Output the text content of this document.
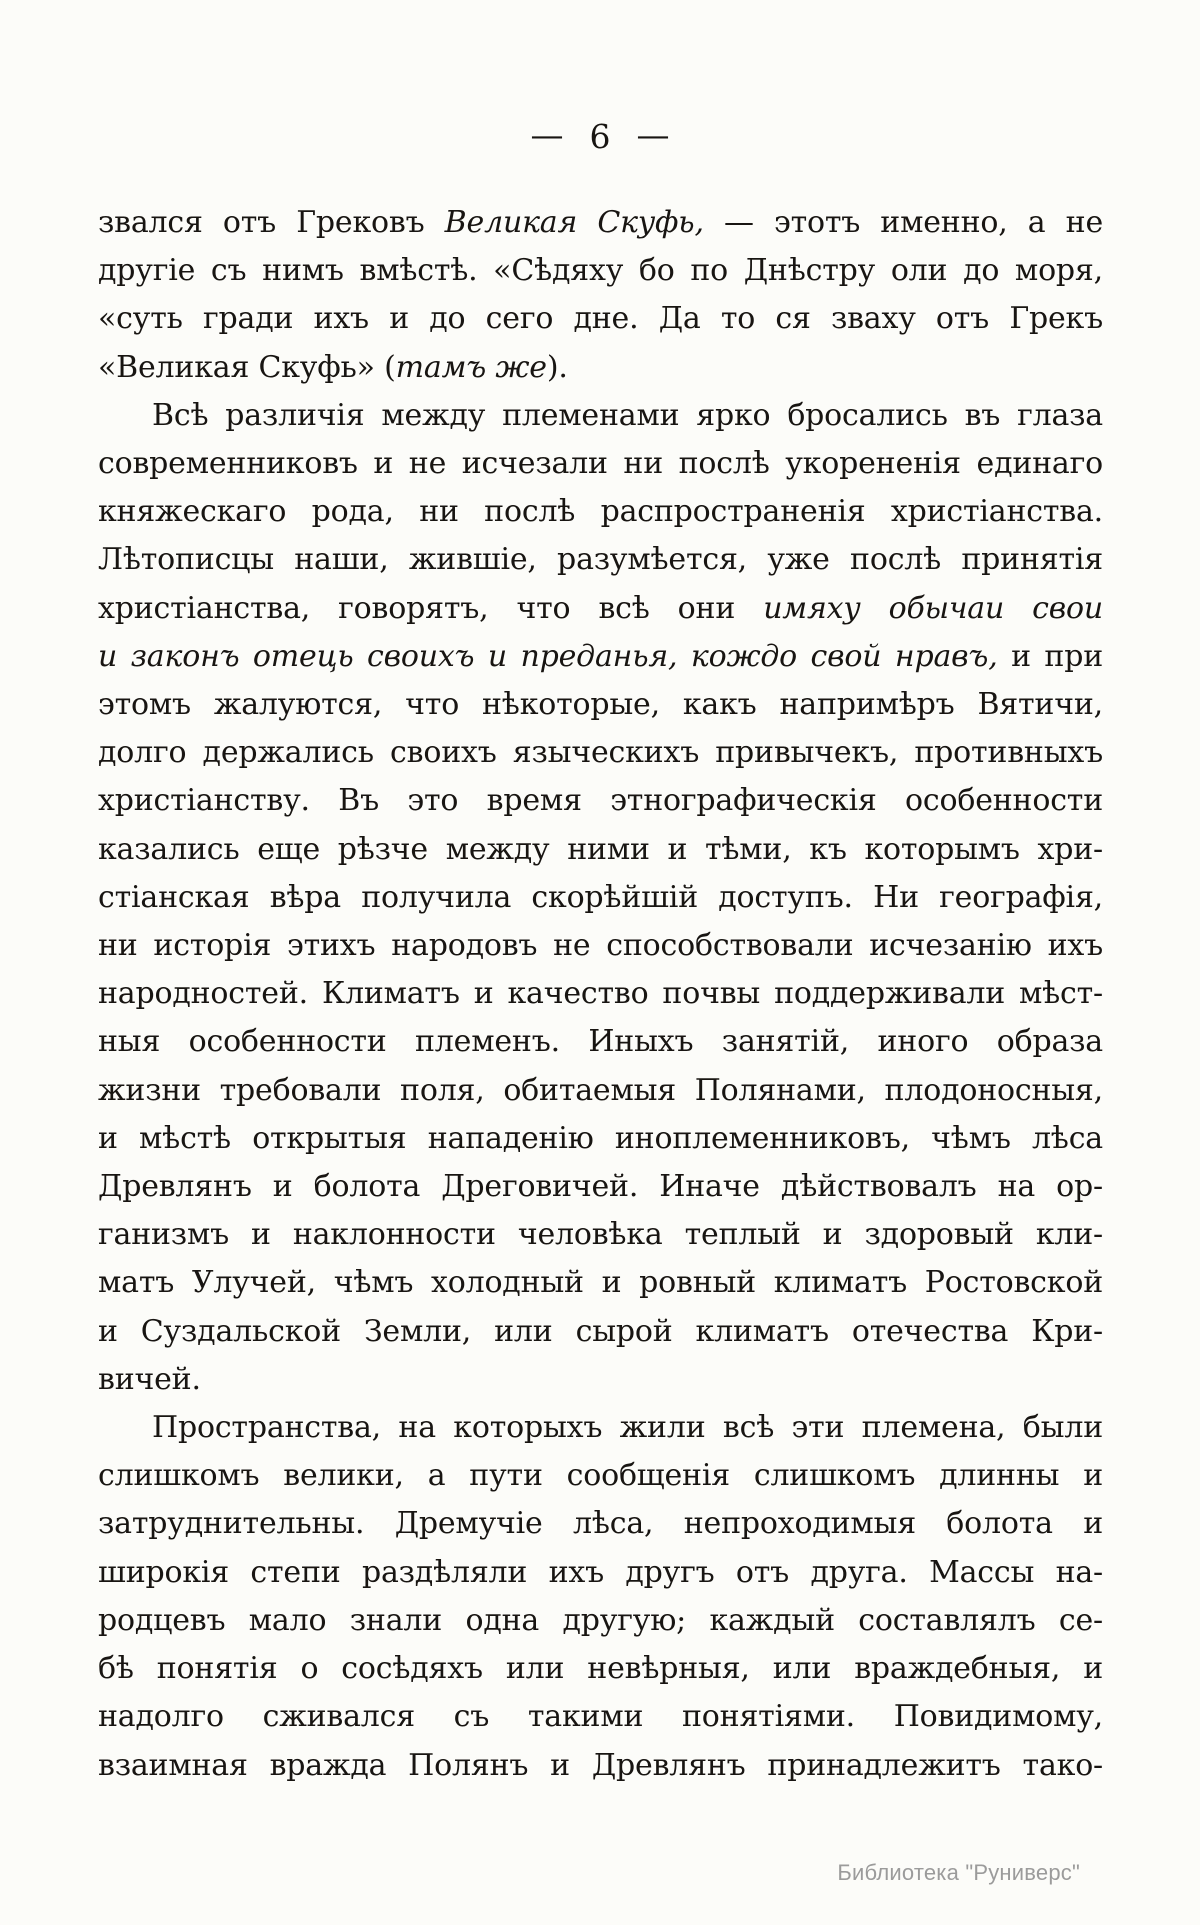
— 6 —
звался отъ Грековъ Великая Скуфь, — этотъ именно, а не
другіе съ нимъ вмѣстѣ. «Сѣдяху бо по Днѣстру оли до моря,
«суть гради ихъ и до сего дне. Да то ся зваху отъ Грекъ
«Великая Скуфь» (тамъ же).
Всѣ различія между племенами ярко бросались въ глаза
современниковъ и не исчезали ни послѣ укорененія единаго
княжескаго рода, ни послѣ распространенія христіанства.
Лѣтописцы наши, жившіе, разумѣется, уже послѣ принятія
христіанства, говорятъ, что всѣ они имяху обычаи свои
и законъ отець своихъ и преданья, кождо свой нравъ, и при
этомъ жалуются, что нѣкоторые, какъ напримѣръ Вятичи,
долго держались своихъ языческихъ привычекъ, противныхъ
христіанству. Въ это время этнографическія особенности
казались еще рѣзче между ними и тѣми, къ которымъ хри-
стіанская вѣра получила скорѣйшій доступъ. Ни географія,
ни исторія этихъ народовъ не способствовали исчезанію ихъ
народностей. Климатъ и качество почвы поддерживали мѣст-
ныя особенности племенъ. Иныхъ занятій, иного образа
жизни требовали поля, обитаемыя Полянами, плодоносныя,
и мѣстѣ открытыя нападенію иноплеменниковъ, чѣмъ лѣса
Древлянъ и болота Дреговичей. Иначе дѣйствовалъ на ор-
ганизмъ и наклонности человѣка теплый и здоровый кли-
матъ Улучей, чѣмъ холодный и ровный климатъ Ростовской
и Суздальской Земли, или сырой климатъ отечества Кри-
вичей.
Пространства, на которыхъ жили всѣ эти племена, были
слишкомъ велики, а пути сообщенія слишкомъ длинны и
затруднительны. Дремучіе лѣса, непроходимыя болота и
широкія степи раздѣляли ихъ другъ отъ друга. Массы на-
родцевъ мало знали одна другую; каждый составлялъ се-
бѣ понятія о сосѣдяхъ или невѣрныя, или враждебныя, и
надолго сживался съ такими понятіями. Повидимому,
взаимная вражда Полянъ и Древлянъ принадлежитъ тако-
Библиотека "Руниверс"
